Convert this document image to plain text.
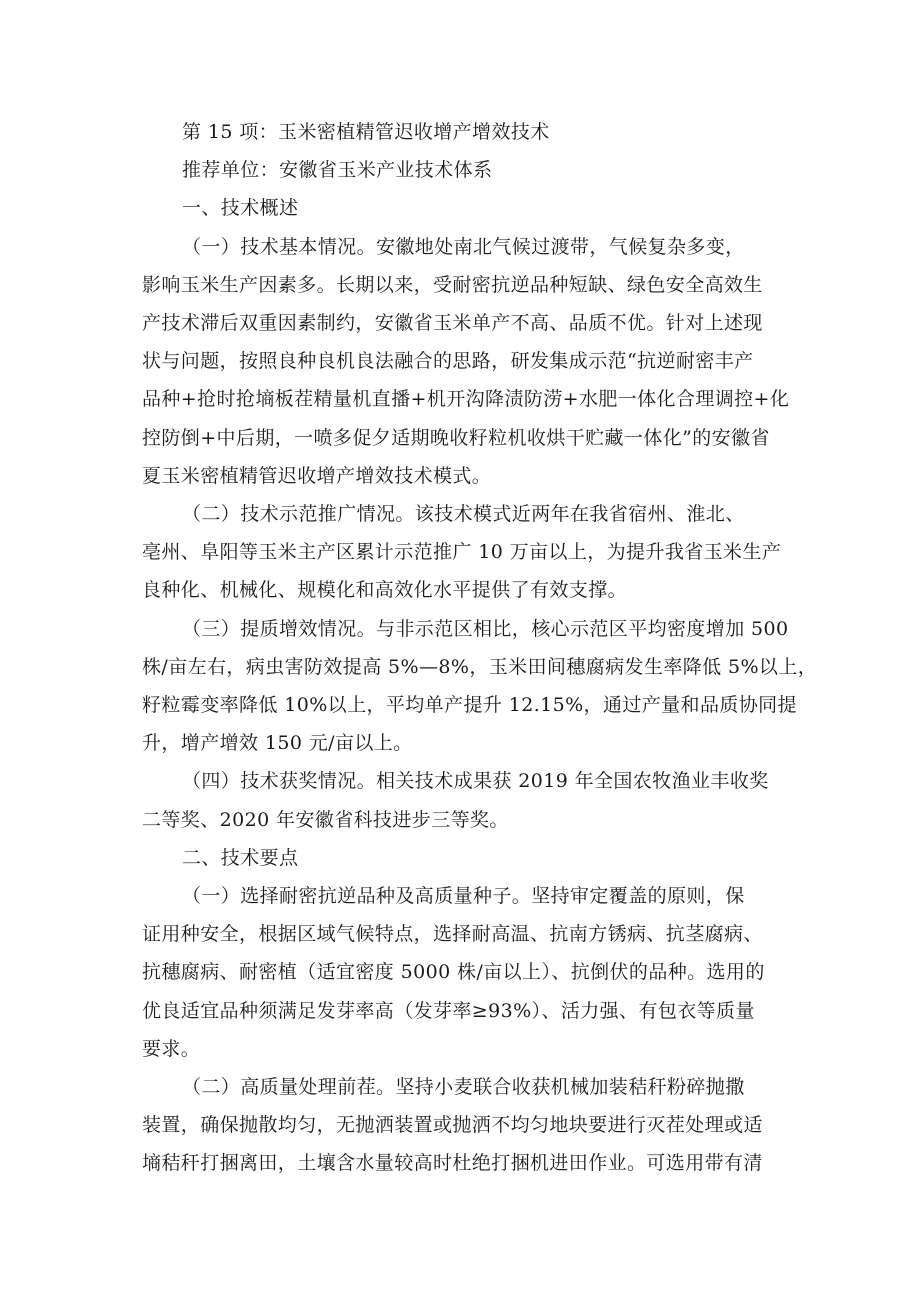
第 15 项：玉米密植精管迟收增产增效技术
推荐单位：安徽省玉米产业技术体系
一、技术概述
（一）技术基本情况。安徽地处南北气候过渡带，气候复杂多变，
影响玉米生产因素多。长期以来，受耐密抗逆品种短缺、绿色安全高效生
产技术滞后双重因素制约，安徽省玉米单产不高、品质不优。针对上述现
状与问题，按照良种良机良法融合的思路，研发集成示范“抗逆耐密丰产
品种+抢时抢墒板茬精量机直播+机开沟降渍防涝+水肥一体化合理调控+化
控防倒+中后期，一喷多促夕适期晚收籽粒机收烘干贮藏一体化”的安徽省
夏玉米密植精管迟收增产增效技术模式。
（二）技术示范推广情况。该技术模式近两年在我省宿州、淮北、
亳州、阜阳等玉米主产区累计示范推广 10 万亩以上，为提升我省玉米生产
良种化、机械化、规模化和高效化水平提供了有效支撑。
（三）提质增效情况。与非示范区相比，核心示范区平均密度增加 500
株/亩左右，病虫害防效提高 5%—8%，玉米田间穗腐病发生率降低 5%以上，
籽粒霉变率降低 10%以上，平均单产提升 12.15%，通过产量和品质协同提
升，增产增效 150 元/亩以上。
（四）技术获奖情况。相关技术成果获 2019 年全国农牧渔业丰收奖
二等奖、2020 年安徽省科技进步三等奖。
二、技术要点
（一）选择耐密抗逆品种及高质量种子。坚持审定覆盖的原则，保
证用种安全，根据区域气候特点，选择耐高温、抗南方锈病、抗茎腐病、
抗穗腐病、耐密植（适宜密度 5000 株/亩以上）、抗倒伏的品种。选用的
优良适宜品种须满足发芽率高（发芽率≥93%）、活力强、有包衣等质量
要求。
（二）高质量处理前茬。坚持小麦联合收获机械加装秸秆粉碎抛撒
装置，确保抛散均匀，无抛洒装置或抛洒不均匀地块要进行灭茬处理或适
墒秸秆打捆离田，土壤含水量较高时杜绝打捆机进田作业。可选用带有清
